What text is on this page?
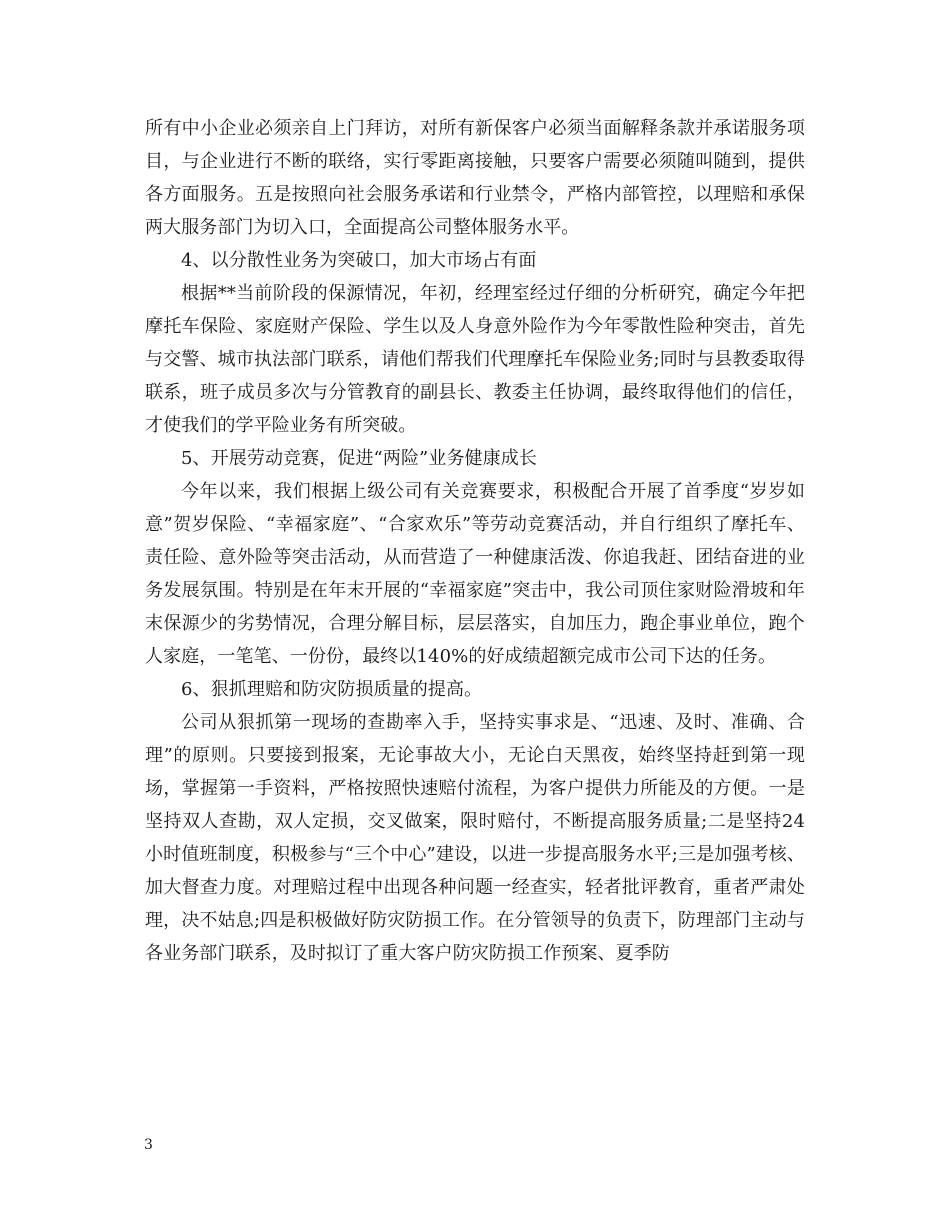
所有中小企业必须亲自上门拜访，对所有新保客户必须当面解释条款并承诺服务项目，与企业进行不断的联络，实行零距离接触，只要客户需要必须随叫随到，提供各方面服务。五是按照向社会服务承诺和行业禁令，严格内部管控，以理赔和承保两大服务部门为切入口，全面提高公司整体服务水平。

4、以分散性业务为突破口，加大市场占有面

根据**当前阶段的保源情况，年初，经理室经过仔细的分析研究，确定今年把摩托车保险、家庭财产保险、学生以及人身意外险作为今年零散性险种突击，首先与交警、城市执法部门联系，请他们帮我们代理摩托车保险业务;同时与县教委取得联系，班子成员多次与分管教育的副县长、教委主任协调，最终取得他们的信任，才使我们的学平险业务有所突破。

5、开展劳动竞赛，促进“两险”业务健康成长

今年以来，我们根据上级公司有关竞赛要求，积极配合开展了首季度“岁岁如意”贺岁保险、“幸福家庭”、“合家欢乐”等劳动竞赛活动，并自行组织了摩托车、责任险、意外险等突击活动，从而营造了一种健康活泼、你追我赶、团结奋进的业务发展氛围。特别是在年末开展的“幸福家庭”突击中，我公司顶住家财险滑坡和年末保源少的劣势情况，合理分解目标，层层落实，自加压力，跑企事业单位，跑个人家庭，一笔笔、一份份，最终以140%的好成绩超额完成市公司下达的任务。

6、狠抓理赔和防灾防损质量的提高。

公司从狠抓第一现场的查勘率入手，坚持实事求是、“迅速、及时、准确、合理”的原则。只要接到报案，无论事故大小，无论白天黑夜，始终坚持赶到第一现场，掌握第一手资料，严格按照快速赔付流程，为客户提供力所能及的方便。一是坚持双人查勘，双人定损，交叉做案，限时赔付，不断提高服务质量;二是坚持24小时值班制度，积极参与“三个中心”建设，以进一步提高服务水平;三是加强考核、加大督查力度。对理赔过程中出现各种问题一经查实，轻者批评教育，重者严肃处理，决不姑息;四是积极做好防灾防损工作。在分管领导的负责下，防理部门主动与各业务部门联系，及时拟订了重大客户防灾防损工作预案、夏季防

3
